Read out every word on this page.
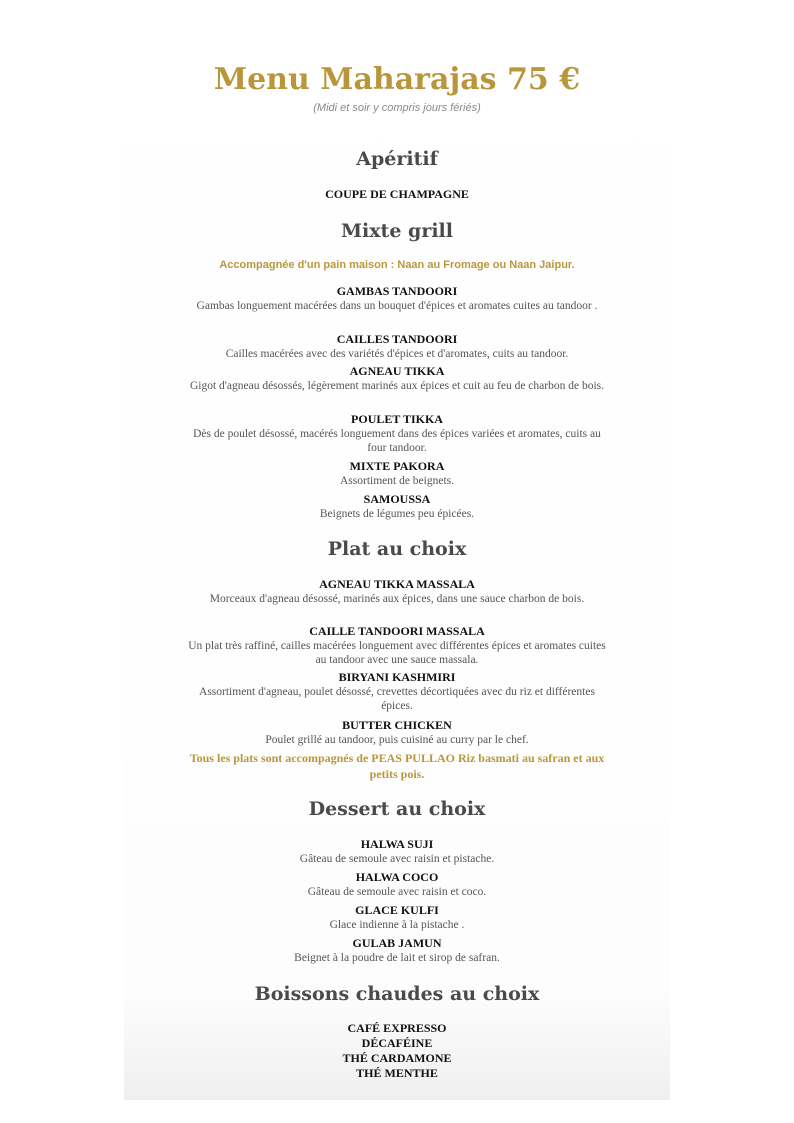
Menu Maharajas 75 €
(Midi et soir y compris jours fériés)
Apéritif
COUPE DE CHAMPAGNE
Mixte grill
Accompagnée d'un pain maison : Naan au Fromage ou Naan Jaipur.
GAMBAS TANDOORI
Gambas longuement macérées dans un bouquet d'épices et aromates cuites au tandoor .
CAILLES TANDOORI
Cailles macérées avec des variétés d'épices et d'aromates, cuits au tandoor.
AGNEAU TIKKA
Gigot d'agneau désossés, légèrement marinés aux épices et cuit au feu de charbon de bois.
POULET TIKKA
Dès de poulet désossé, macérés longuement dans des épices variées et aromates, cuits au four tandoor.
MIXTE PAKORA
Assortiment de beignets.
SAMOUSSA
Beignets de légumes peu épicées.
Plat au choix
AGNEAU TIKKA MASSALA
Morceaux d'agneau désossé, marinés aux épices, dans une sauce charbon de bois.
CAILLE TANDOORI MASSALA
Un plat très raffiné, cailles macérées longuement avec différentes épices et aromates cuites au tandoor avec une sauce massala.
BIRYANI KASHMIRI
Assortiment d'agneau, poulet désossé, crevettes décortiquées avec du riz et différentes épices.
BUTTER CHICKEN
Poulet grillé au tandoor, puis cuisiné au curry par le chef.
Tous les plats sont accompagnés de PEAS PULLAO Riz basmati au safran et aux petits pois.
Dessert au choix
HALWA SUJI
Gâteau de semoule avec raisin et pistache.
HALWA COCO
Gâteau de semoule avec raisin et coco.
GLACE KULFI
Glace indienne à la pistache .
GULAB JAMUN
Beignet à la poudre de lait et sirop de safran.
Boissons chaudes au choix
CAFÉ EXPRESSO
DÉCAFÉINE
THÉ CARDAMONE
THÉ MENTHE
